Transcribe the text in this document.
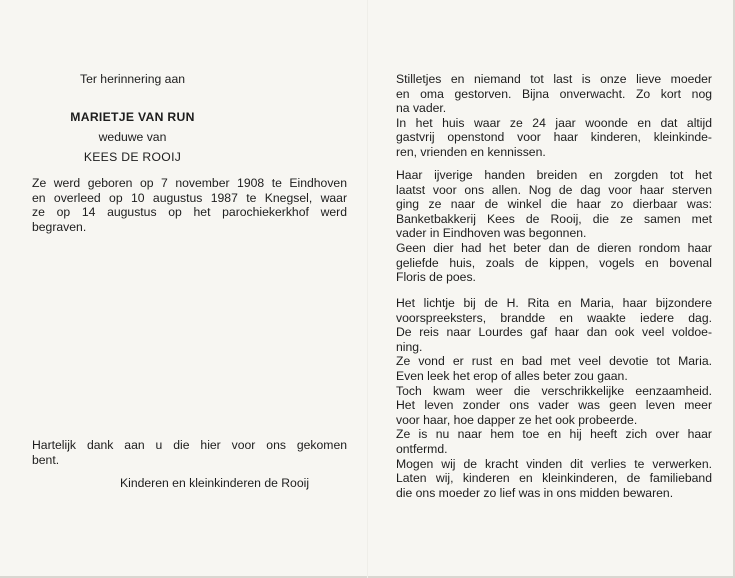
Ter herinnering aan
MARIETJE VAN RUN
weduwe van
KEES DE ROOIJ
Ze werd geboren op 7 november 1908 te Eindhoven
en overleed op 10 augustus 1987 te Knegsel, waar
ze op 14 augustus op het parochiekerkhof werd
begraven.
Hartelijk dank aan u die hier voor ons gekomen
bent.
Kinderen en kleinkinderen de Rooij
Stilletjes en niemand tot last is onze lieve moeder
en oma gestorven. Bijna onverwacht. Zo kort nog
na vader.
In het huis waar ze 24 jaar woonde en dat altijd
gastvrij openstond voor haar kinderen, kleinkinde-
ren, vrienden en kennissen.
Haar ijverige handen breiden en zorgden tot het
laatst voor ons allen. Nog de dag voor haar sterven
ging ze naar de winkel die haar zo dierbaar was:
Banketbakkerij Kees de Rooij, die ze samen met
vader in Eindhoven was begonnen.
Geen dier had het beter dan de dieren rondom haar
geliefde huis, zoals de kippen, vogels en bovenal
Floris de poes.
Het lichtje bij de H. Rita en Maria, haar bijzondere
voorspreeksters, brandde en waakte iedere dag.
De reis naar Lourdes gaf haar dan ook veel voldoe-
ning.
Ze vond er rust en bad met veel devotie tot Maria.
Even leek het erop of alles beter zou gaan.
Toch kwam weer die verschrikkelijke eenzaamheid.
Het leven zonder ons vader was geen leven meer
voor haar, hoe dapper ze het ook probeerde.
Ze is nu naar hem toe en hij heeft zich over haar
ontfermd.
Mogen wij de kracht vinden dit verlies te verwerken.
Laten wij, kinderen en kleinkinderen, de familieband
die ons moeder zo lief was in ons midden bewaren.
